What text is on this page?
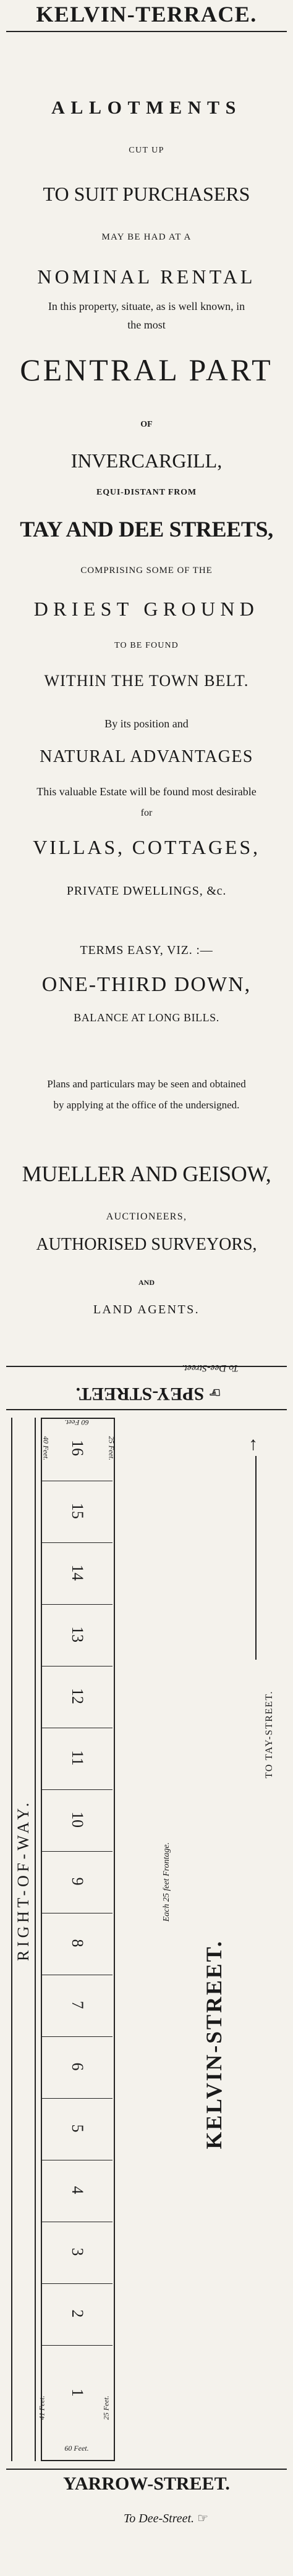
KELVIN-TERRACE.
ALLOTMENTS
CUT UP
TO SUIT PURCHASERS
MAY BE HAD AT A
NOMINAL RENTAL
In this property, situate, as is well known, in
the most
CENTRAL PART
OF
INVERCARGILL,
EQUI-DISTANT FROM
TAY AND DEE STREETS,
COMPRISING SOME OF THE
DRIEST GROUND
TO BE FOUND
WITHIN THE TOWN BELT.
By its position and
NATURAL ADVANTAGES
This valuable Estate will be found most desirable
for
VILLAS, COTTAGES,
PRIVATE DWELLINGS, &c.
TERMS EASY, VIZ. :—
ONE-THIRD DOWN,
BALANCE AT LONG BILLS.
Plans and particulars may be seen and obtained
by applying at the office of the undersigned.
MUELLER AND GEISOW,
AUCTIONEERS,
AUTHORISED SURVEYORS,
AND
LAND AGENTS.
☞ SPEY-STREET.
To Dee-Street.
16
15
14
13
12
11
10
9
8
7
6
5
4
3
2
1
60 Feet.
40 Feet.	25 Feet.
41 Feet.	25 Feet.
60 Feet.
RIGHT-OF-WAY.	Each 25 feet Frontage.
KELVIN-STREET.
TO TAY-STREET.
↑
YARROW-STREET.
To Dee-Street. ☞
